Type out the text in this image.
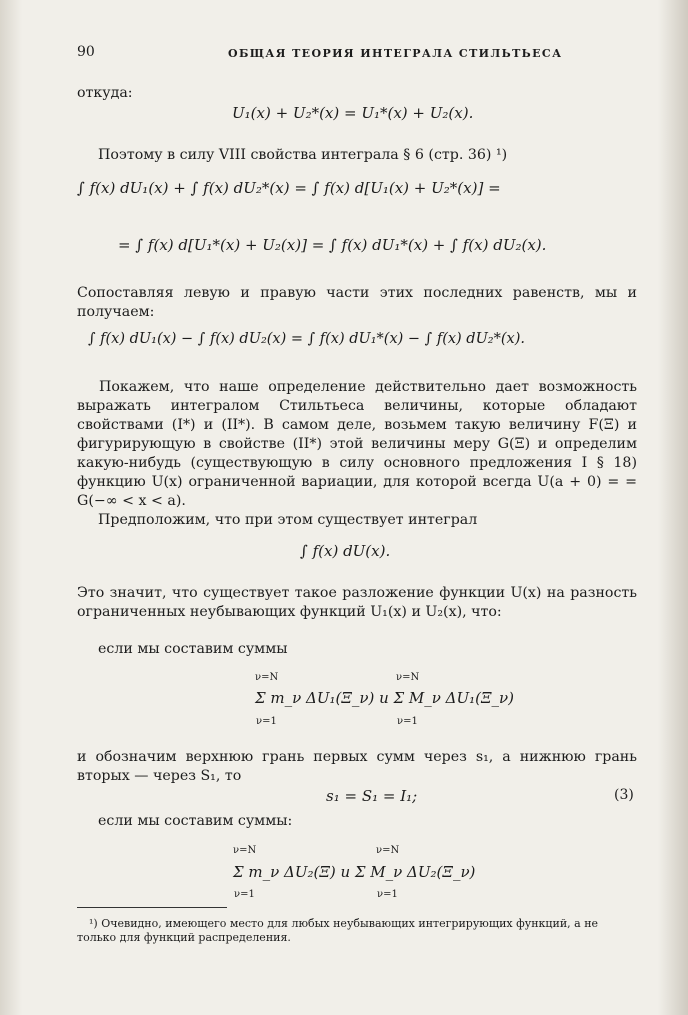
90	ОБЩАЯ ТЕОРИЯ ИНТЕГРАЛА СТИЛЬТЬЕСА
откуда:
U₁(x) + U₂*(x) = U₁*(x) + U₂(x).
Поэтому в силу VIII свойства интеграла § 6 (стр. 36) ¹)
∫ f(x) dU₁(x) + ∫ f(x) dU₂*(x) = ∫ f(x) d[U₁(x) + U₂*(x)] =
= ∫ f(x) d[U₁*(x) + U₂(x)] = ∫ f(x) dU₁*(x) + ∫ f(x) dU₂(x).
Сопоставляя левую и правую части этих последних равенств, мы и получаем:
∫ f(x) dU₁(x) − ∫ f(x) dU₂(x) = ∫ f(x) dU₁*(x) − ∫ f(x) dU₂*(x).
Покажем, что наше определение действительно дает возможность выражать интегралом Стильтьеса величины, которые обладают свойствами (I*) и (II*). В самом деле, возьмем такую величину F(Ξ) и фигурирующую в свойстве (II*) этой величины меру G(Ξ) и определим какую-нибудь (существующую в силу основного предложения I § 18) функцию U(x) ограниченной вариации, для которой всегда U(a + 0) = = G(−∞ < x < a).
Предположим, что при этом существует интеграл
∫ f(x) dU(x).
Это значит, что существует такое разложение функции U(x) на разность ограниченных неубывающих функций U₁(x) и U₂(x), что:
если мы составим суммы
ν=N	ν=N
Σ m_ν ΔU₁(Ξ_ν) и Σ M_ν ΔU₁(Ξ_ν)
ν=1	ν=1
и обозначим верхнюю грань первых сумм через s₁, а нижнюю грань вторых — через S₁, то
s₁ = S₁ = I₁;	(3)
если мы составим суммы:
ν=N	ν=N
Σ m_ν ΔU₂(Ξ) и Σ M_ν ΔU₂(Ξ_ν)
ν=1	ν=1
¹) Очевидно, имеющего место для любых неубывающих интегрирующих функций, а не только для функций распределения.
